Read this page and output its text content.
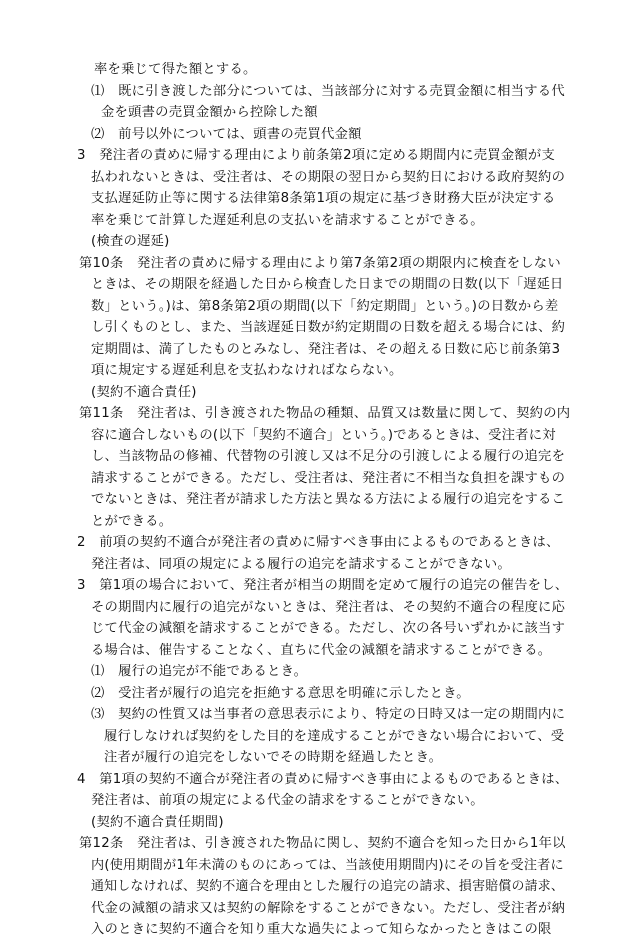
率を乗じて得た額とする。
⑴　既に引き渡した部分については、当該部分に対する売買金額に相当する代
金を頭書の売買金額から控除した額
⑵　前号以外については、頭書の売買代金額
3　発注者の責めに帰する理由により前条第2項に定める期間内に売買金額が支
払われないときは、受注者は、その期限の翌日から契約日における政府契約の
支払遅延防止等に関する法律第8条第1項の規定に基づき財務大臣が決定する
率を乗じて計算した遅延利息の支払いを請求することができる。
(検査の遅延)
第10条　発注者の責めに帰する理由により第7条第2項の期限内に検査をしない
ときは、その期限を経過した日から検査した日までの期間の日数(以下「遅延日
数」という。)は、第8条第2項の期間(以下「約定期間」という。)の日数から差
し引くものとし、また、当該遅延日数が約定期間の日数を超える場合には、約
定期間は、満了したものとみなし、発注者は、その超える日数に応じ前条第3
項に規定する遅延利息を支払わなければならない。
(契約不適合責任)
第11条　発注者は、引き渡された物品の種類、品質又は数量に関して、契約の内
容に適合しないもの(以下「契約不適合」という。)であるときは、受注者に対
し、当該物品の修補、代替物の引渡し又は不足分の引渡しによる履行の追完を
請求することができる。ただし、受注者は、発注者に不相当な負担を課すもの
でないときは、発注者が請求した方法と異なる方法による履行の追完をするこ
とができる。
2　前項の契約不適合が発注者の責めに帰すべき事由によるものであるときは、
発注者は、同項の規定による履行の追完を請求することができない。
3　第1項の場合において、発注者が相当の期間を定めて履行の追完の催告をし、
その期間内に履行の追完がないときは、発注者は、その契約不適合の程度に応
じて代金の減額を請求することができる。ただし、次の各号いずれかに該当す
る場合は、催告することなく、直ちに代金の減額を請求することができる。
⑴　履行の追完が不能であるとき。
⑵　受注者が履行の追完を拒絶する意思を明確に示したとき。
⑶　契約の性質又は当事者の意思表示により、特定の日時又は一定の期間内に
履行しなければ契約をした目的を達成することができない場合において、受
注者が履行の追完をしないでその時期を経過したとき。
4　第1項の契約不適合が発注者の責めに帰すべき事由によるものであるときは、
発注者は、前項の規定による代金の請求をすることができない。
(契約不適合責任期間)
第12条　発注者は、引き渡された物品に関し、契約不適合を知った日から1年以
内(使用期間が1年未満のものにあっては、当該使用期間内)にその旨を受注者に
通知しなければ、契約不適合を理由とした履行の追完の請求、損害賠償の請求、
代金の減額の請求又は契約の解除をすることができない。ただし、受注者が納
入のときに契約不適合を知り重大な過失によって知らなかったときはこの限
